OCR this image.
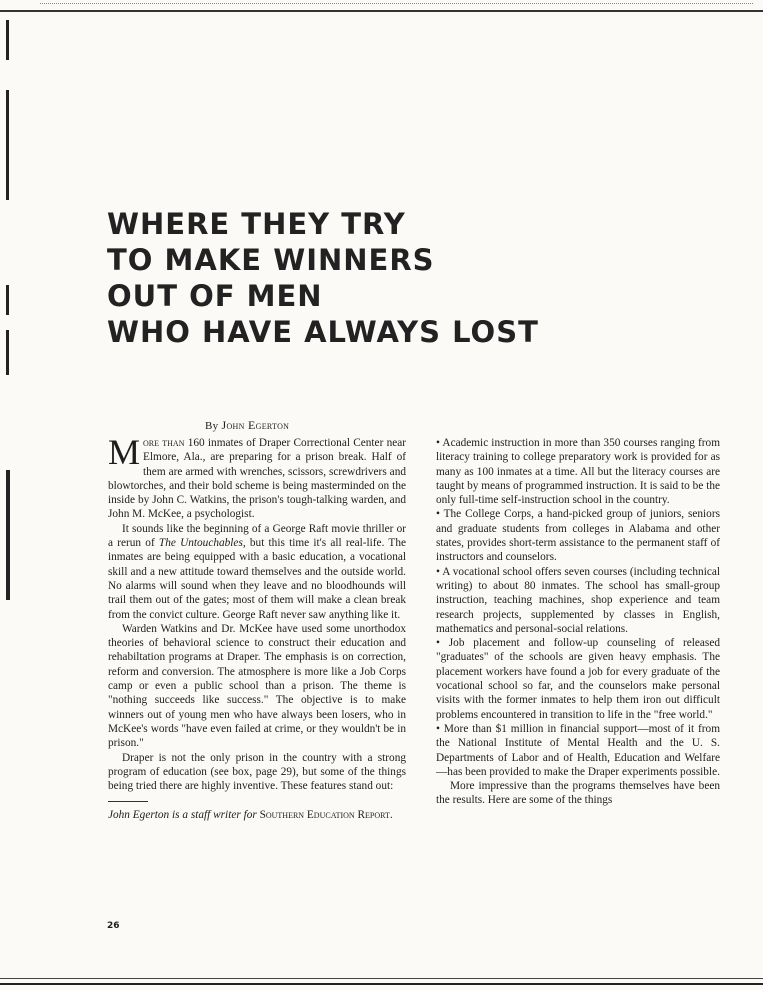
WHERE THEY TRY
TO MAKE WINNERS
OUT OF MEN
WHO HAVE ALWAYS LOST
By John Egerton

More than 160 inmates of Draper Correctional Center near Elmore, Ala., are preparing for a prison break. Half of them are armed with wrenches, scissors, screwdrivers and blowtorches, and their bold scheme is being masterminded on the inside by John C. Watkins, the prison's tough-talking warden, and John M. McKee, a psychologist.

It sounds like the beginning of a George Raft movie thriller or a rerun of The Untouchables, but this time it's all real-life. The inmates are being equipped with a basic education, a vocational skill and a new attitude toward themselves and the outside world. No alarms will sound when they leave and no bloodhounds will trail them out of the gates; most of them will make a clean break from the convict culture. George Raft never saw anything like it.

Warden Watkins and Dr. McKee have used some unorthodox theories of behavioral science to construct their education and rehabiltation programs at Draper. The emphasis is on correction, reform and conversion. The atmosphere is more like a Job Corps camp or even a public school than a prison. The theme is "nothing succeeds like success." The objective is to make winners out of young men who have always been losers, who in McKee's words "have even failed at crime, or they wouldn't be in prison."

Draper is not the only prison in the country with a strong program of education (see box, page 29), but some of the things being tried there are highly inventive. These features stand out:

John Egerton is a staff writer for Southern Education Report.

• Academic instruction in more than 350 courses ranging from literacy training to college preparatory work is provided for as many as 100 inmates at a time. All but the literacy courses are taught by means of programmed instruction. It is said to be the only full-time self-instruction school in the country.

• The College Corps, a hand-picked group of juniors, seniors and graduate students from colleges in Alabama and other states, provides short-term assistance to the permanent staff of instructors and counselors.

• A vocational school offers seven courses (including technical writing) to about 80 inmates. The school has small-group instruction, teaching machines, shop experience and team research projects, supplemented by classes in English, mathematics and personal-social relations.

• Job placement and follow-up counseling of released "graduates" of the schools are given heavy emphasis. The placement workers have found a job for every graduate of the vocational school so far, and the counselors make personal visits with the former inmates to help them iron out difficult problems encountered in transition to life in the "free world."

• More than $1 million in financial support—most of it from the National Institute of Mental Health and the U. S. Departments of Labor and of Health, Education and Welfare—has been provided to make the Draper experiments possible.

More impressive than the programs themselves have been the results. Here are some of the things

26
